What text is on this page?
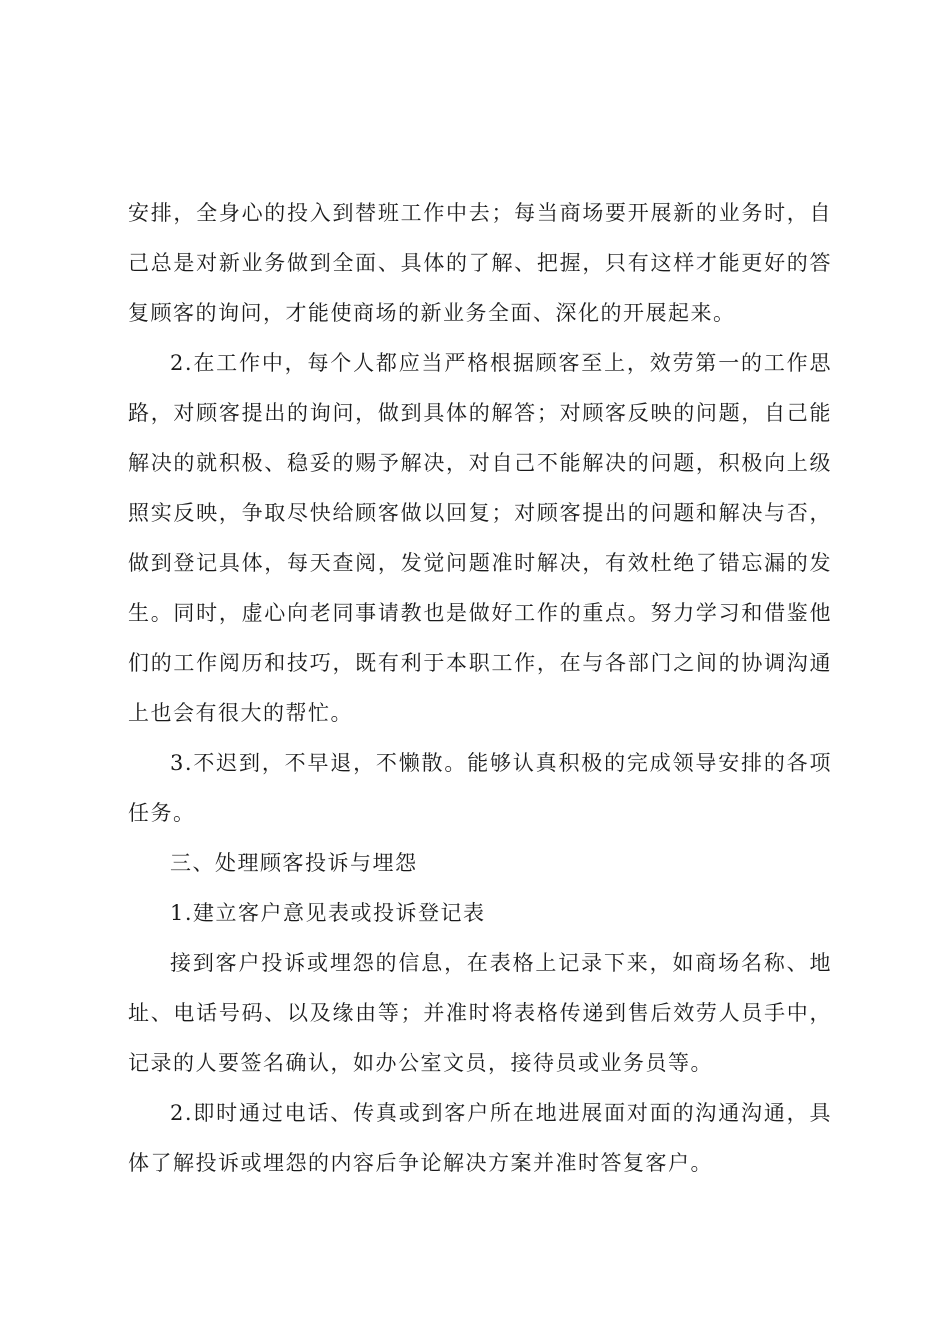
安排，全身心的投入到替班工作中去；每当商场要开展新的业务时，自己总是对新业务做到全面、具体的了解、把握，只有这样才能更好的答复顾客的询问，才能使商场的新业务全面、深化的开展起来。

2.在工作中，每个人都应当严格根据顾客至上，效劳第一的工作思路，对顾客提出的询问，做到具体的解答；对顾客反映的问题，自己能解决的就积极、稳妥的赐予解决，对自己不能解决的问题，积极向上级照实反映，争取尽快给顾客做以回复；对顾客提出的问题和解决与否，做到登记具体，每天查阅，发觉问题准时解决，有效杜绝了错忘漏的发生。同时，虚心向老同事请教也是做好工作的重点。努力学习和借鉴他们的工作阅历和技巧，既有利于本职工作，在与各部门之间的协调沟通上也会有很大的帮忙。

3.不迟到，不早退，不懒散。能够认真积极的完成领导安排的各项任务。

三、处理顾客投诉与埋怨

1.建立客户意见表或投诉登记表

接到客户投诉或埋怨的信息，在表格上记录下来，如商场名称、地址、电话号码、以及缘由等；并准时将表格传递到售后效劳人员手中，记录的人要签名确认，如办公室文员，接待员或业务员等。

2.即时通过电话、传真或到客户所在地进展面对面的沟通沟通，具体了解投诉或埋怨的内容后争论解决方案并准时答复客户。
